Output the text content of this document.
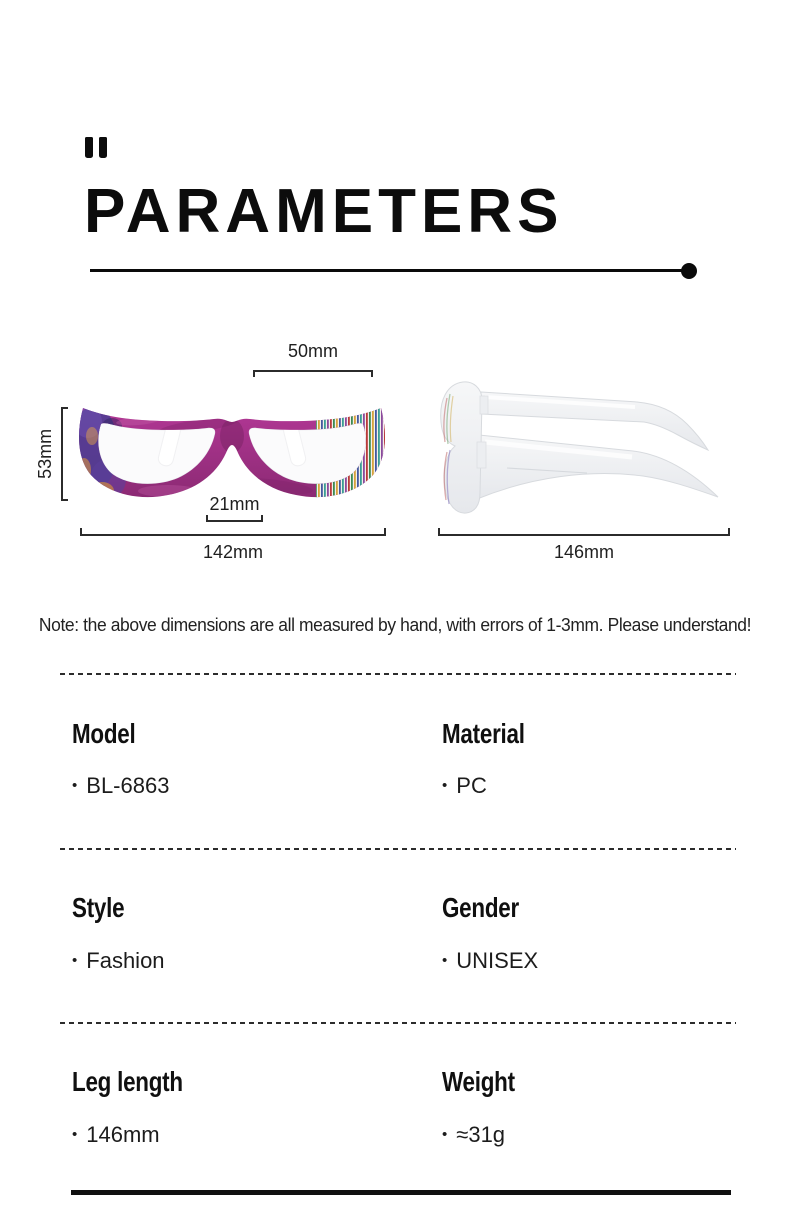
PARAMETERS
50mm
53mm
21mm
142mm	146mm
Note: the above dimensions are all measured by hand, with errors of 1-3mm. Please understand!
Model
• BL-6863
Material
• PC
Style
• Fashion
Gender
• UNISEX
Leg length
• 146mm
Weight
• ≈31g
